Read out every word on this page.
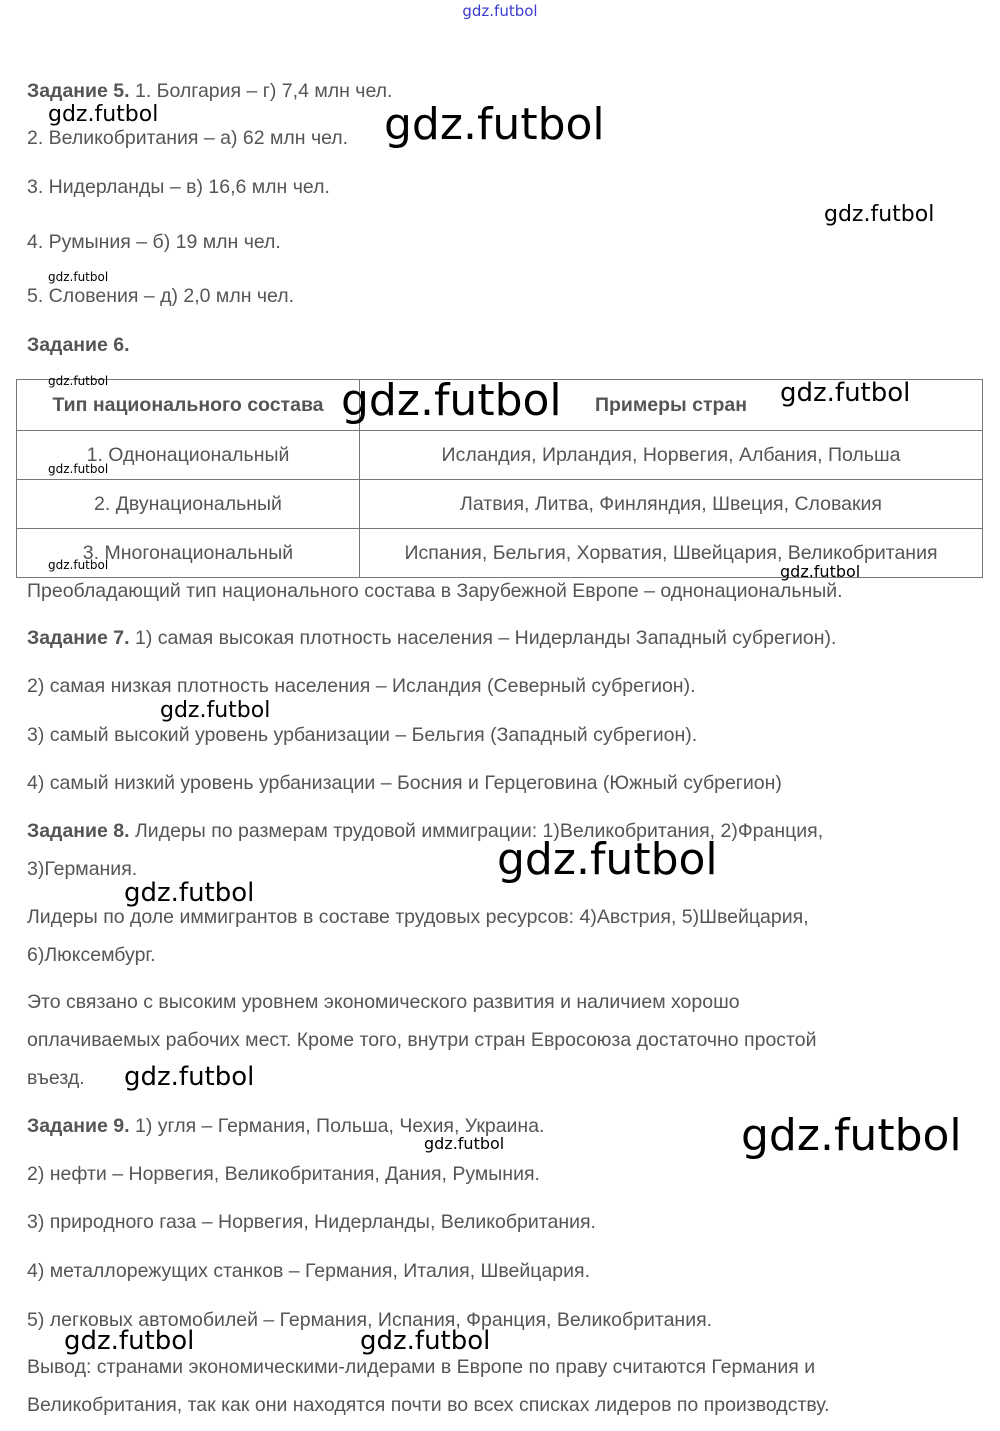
gdz.futbol
Задание 5. 1. Болгария – г) 7,4 млн чел.
2. Великобритания – а) 62 млн чел.
3. Нидерланды – в) 16,6 млн чел.
4. Румыния – б) 19 млн чел.
5. Словения – д) 2,0 млн чел.
Задание 6.
Тип национального состава	Примеры стран
1. Однонациональный	Исландия, Ирландия, Норвегия, Албания, Польша
2. Двунациональный	Латвия, Литва, Финляндия, Швеция, Словакия
3. Многонациональный	Испания, Бельгия, Хорватия, Швейцария, Великобритания
Преобладающий тип национального состава в Зарубежной Европе – однонациональный.
Задание 7. 1) самая высокая плотность населения – Нидерланды Западный субрегион).
2) самая низкая плотность населения – Исландия (Северный субрегион).
3) самый высокий уровень урбанизации – Бельгия (Западный субрегион).
4) самый низкий уровень урбанизации – Босния и Герцеговина (Южный субрегион)
Задание 8. Лидеры по размерам трудовой иммиграции: 1)Великобритания, 2)Франция,
3)Германия.
Лидеры по доле иммигрантов в составе трудовых ресурсов: 4)Австрия, 5)Швейцария,
6)Люксембург.
Это связано с высоким уровнем экономического развития и наличием хорошо
оплачиваемых рабочих мест. Кроме того, внутри стран Евросоюза достаточно простой
въезд.
Задание 9. 1) угля – Германия, Польша, Чехия, Украина.
2) нефти – Норвегия, Великобритания, Дания, Румыния.
3) природного газа – Норвегия, Нидерланды, Великобритания.
4) металлорежущих станков – Германия, Италия, Швейцария.
5) легковых автомобилей – Германия, Испания, Франция, Великобритания.
Вывод: странами экономическими-лидерами в Европе по праву считаются Германия и
Великобритания, так как они находятся почти во всех списках лидеров по производству.
gdz.futbol	gdz.futbol
gdz.futbol
gdz.futbol
gdz.futbol	gdz.futbol	gdz.futbol
gdz.futbol
gdz.futbol	gdz.futbol
gdz.futbol
gdz.futbol
gdz.futbol
gdz.futbol
gdz.futbol
gdz.futbol
gdz.futbol	gdz.futbol
